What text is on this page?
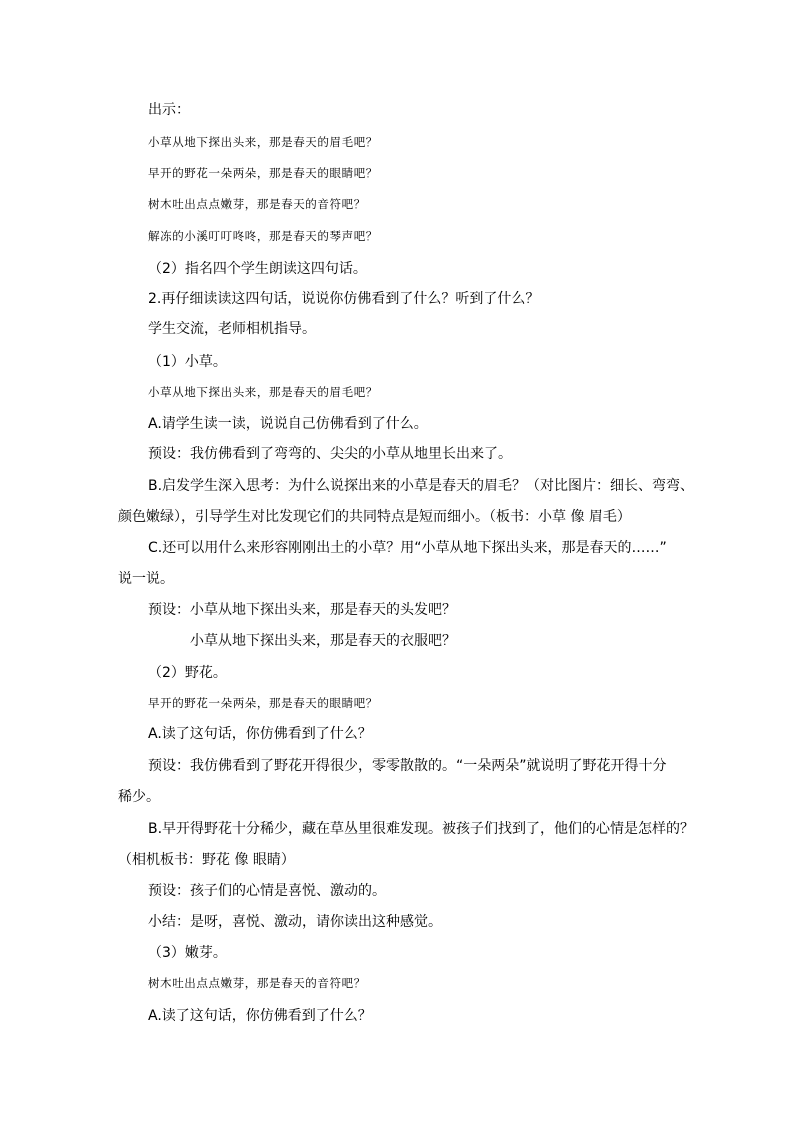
出示：
小草从地下探出头来，那是春天的眉毛吧？
早开的野花一朵两朵，那是春天的眼睛吧？
树木吐出点点嫩芽，那是春天的音符吧？
解冻的小溪叮叮咚咚，那是春天的琴声吧？
（2）指名四个学生朗读这四句话。
2.再仔细读读这四句话，说说你仿佛看到了什么？听到了什么？
学生交流，老师相机指导。
（1）小草。
小草从地下探出头来，那是春天的眉毛吧？
A.请学生读一读，说说自己仿佛看到了什么。
预设：我仿佛看到了弯弯的、尖尖的小草从地里长出来了。
B.启发学生深入思考：为什么说探出来的小草是春天的眉毛？（对比图片：细长、弯弯、
颜色嫩绿），引导学生对比发现它们的共同特点是短而细小。（板书：小草 像 眉毛）
C.还可以用什么来形容刚刚出土的小草？用“小草从地下探出头来，那是春天的……”
说一说。
预设：小草从地下探出头来，那是春天的头发吧？
小草从地下探出头来，那是春天的衣服吧？
（2）野花。
早开的野花一朵两朵，那是春天的眼睛吧？
A.读了这句话，你仿佛看到了什么？
预设：我仿佛看到了野花开得很少，零零散散的。“一朵两朵”就说明了野花开得十分
稀少。
B.早开得野花十分稀少，藏在草丛里很难发现。被孩子们找到了，他们的心情是怎样的？
（相机板书：野花 像 眼睛）
预设：孩子们的心情是喜悦、激动的。
小结：是呀，喜悦、激动，请你读出这种感觉。
（3）嫩芽。
树木吐出点点嫩芽，那是春天的音符吧？
A.读了这句话，你仿佛看到了什么？
